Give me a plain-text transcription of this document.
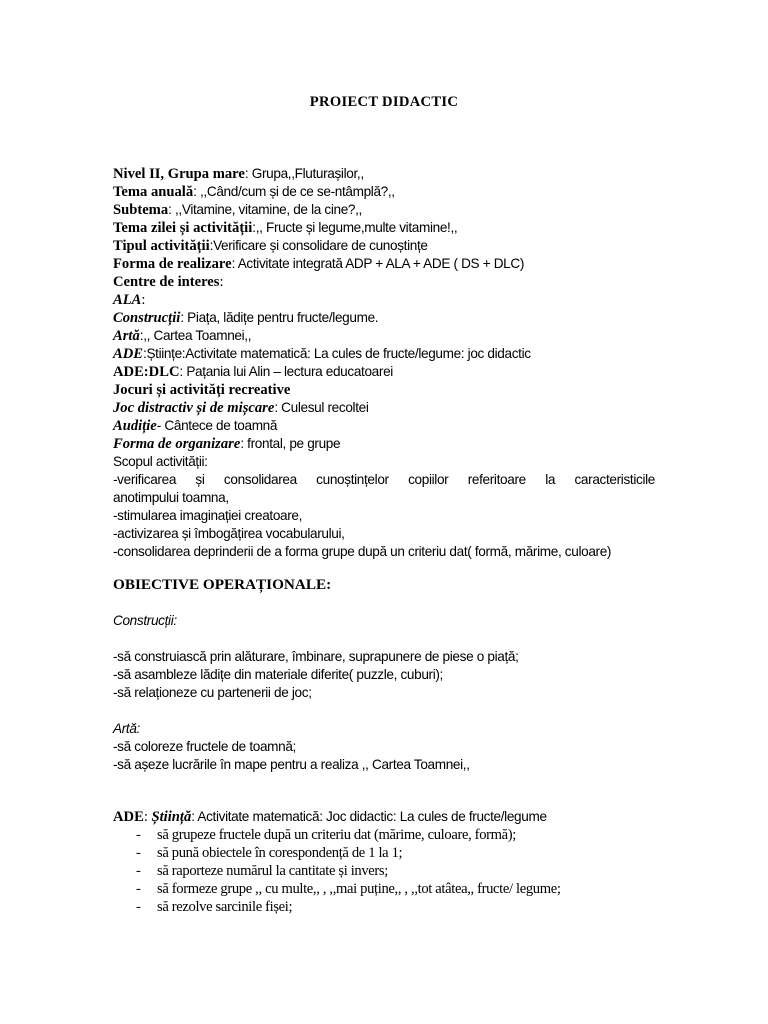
PROIECT DIDACTIC
Nivel II, Grupa mare: Grupa,,Fluturașilor,,
Tema anuală: ,,Când/cum și de ce se-ntâmplă?,,
Subtema: ,,Vitamine, vitamine, de la cine?,,
Tema zilei și activității:,, Fructe și legume,multe vitamine!,,
Tipul activității:Verificare și consolidare de cunoștințe
Forma de realizare: Activitate integrată ADP + ALA + ADE ( DS + DLC)
Centre de interes:
ALA:
Construcții: Piața, lădițe pentru fructe/legume.
Artă:,, Cartea Toamnei,,
ADE:Științe:Activitate matematică: La cules de fructe/legume: joc didactic
ADE:DLC: Pațania lui Alin – lectura educatoarei
Jocuri și activități recreative
Joc distractiv și de mișcare: Culesul recoltei
Audiție- Cântece de toamnă
Forma de organizare: frontal, pe grupe
Scopul activității:
-verificarea și consolidarea cunoștințelor copiilor referitoare la caracteristicile
anotimpului toamna,
-stimularea imaginației creatoare,
-activizarea și îmbogățirea vocabularului,
-consolidarea deprinderii de a forma grupe după un criteriu dat( formă, mărime, culoare)
OBIECTIVE OPERAȚIONALE:
Construcții:
-să construiască prin alăturare, îmbinare, suprapunere de piese o piață;
-să asambleze lădițe din materiale diferite( puzzle, cuburi);
-să relaționeze cu partenerii de joc;
Artă:
-să coloreze fructele de toamnă;
-să așeze lucrările în mape pentru a realiza ,, Cartea Toamnei,,
ADE: Știință: Activitate matematică: Joc didactic: La cules de fructe/legume
- să grupeze fructele după un criteriu dat (mărime, culoare, formă);
- să pună obiectele în corespondență de 1 la 1;
- să raporteze numărul la cantitate și invers;
- să formeze grupe ,, cu multe,, , ,,mai puține,, , ,,tot atâtea,, fructe/ legume;
- să rezolve sarcinile fișei;
